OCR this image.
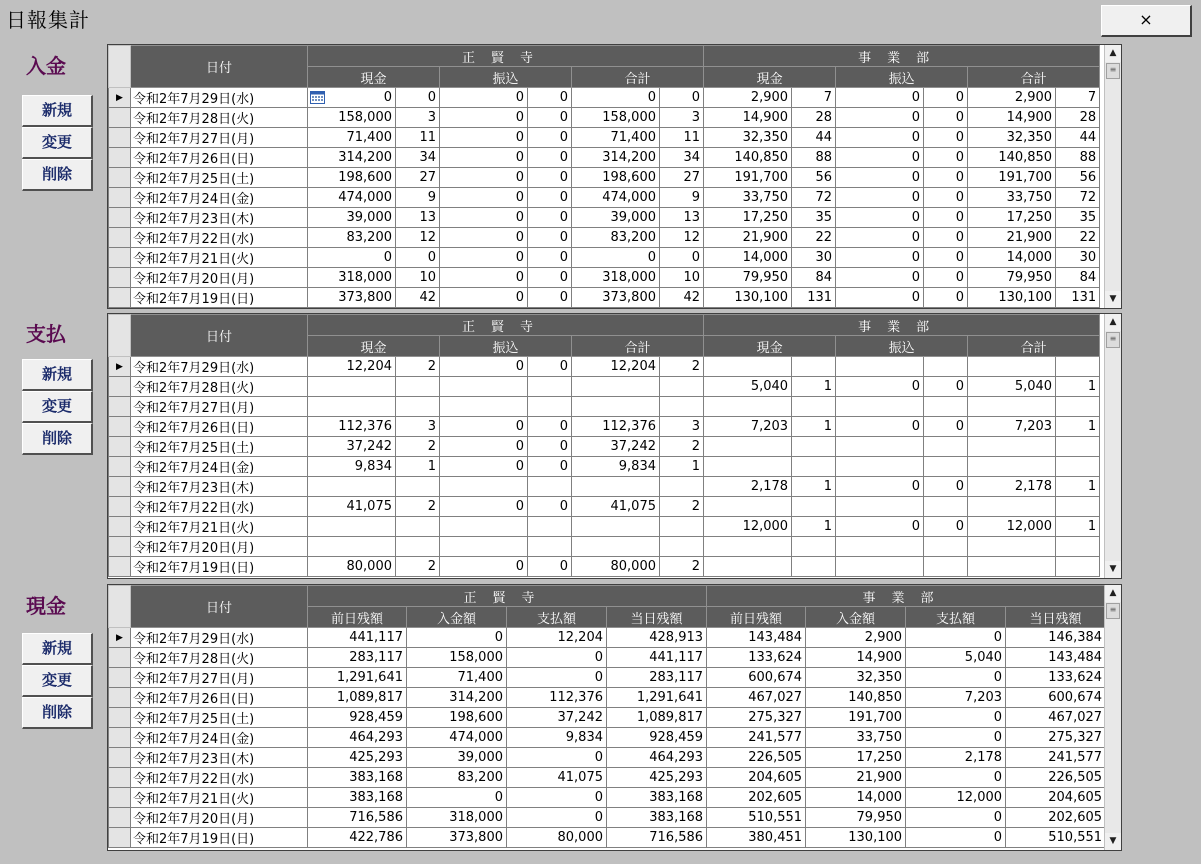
日報集計	×
入金
新規
変更
削除
	日付	正賢寺						事業部					
		現金		振込		合計		現金		振込		合計	
▶	令和2年7月29日(水)	0	0	0	0	0	0	2,900	7	0	0	2,900	7
	令和2年7月28日(火)	158,000	3	0	0	158,000	3	14,900	28	0	0	14,900	28
	令和2年7月27日(月)	71,400	11	0	0	71,400	11	32,350	44	0	0	32,350	44
	令和2年7月26日(日)	314,200	34	0	0	314,200	34	140,850	88	0	0	140,850	88
	令和2年7月25日(土)	198,600	27	0	0	198,600	27	191,700	56	0	0	191,700	56
	令和2年7月24日(金)	474,000	9	0	0	474,000	9	33,750	72	0	0	33,750	72
	令和2年7月23日(木)	39,000	13	0	0	39,000	13	17,250	35	0	0	17,250	35
	令和2年7月22日(水)	83,200	12	0	0	83,200	12	21,900	22	0	0	21,900	22
	令和2年7月21日(火)	0	0	0	0	0	0	14,000	30	0	0	14,000	30
	令和2年7月20日(月)	318,000	10	0	0	318,000	10	79,950	84	0	0	79,950	84
	令和2年7月19日(日)	373,800	42	0	0	373,800	42	130,100	131	0	0	130,100	131
▲
≡
▼
支払
新規
変更
削除
	日付	正賢寺						事業部					
		現金		振込		合計		現金		振込		合計	
▶	令和2年7月29日(水)	12,204	2	0	0	12,204	2						
	令和2年7月28日(火)							5,040	1	0	0	5,040	1
	令和2年7月27日(月)												
	令和2年7月26日(日)	112,376	3	0	0	112,376	3	7,203	1	0	0	7,203	1
	令和2年7月25日(土)	37,242	2	0	0	37,242	2						
	令和2年7月24日(金)	9,834	1	0	0	9,834	1						
	令和2年7月23日(木)							2,178	1	0	0	2,178	1
	令和2年7月22日(水)	41,075	2	0	0	41,075	2						
	令和2年7月21日(火)							12,000	1	0	0	12,000	1
	令和2年7月20日(月)												
	令和2年7月19日(日)	80,000	2	0	0	80,000	2						
▲
≡
▼
現金
新規
変更
削除
	日付	正賢寺				事業部			
		前日残額	入金額	支払額	当日残額	前日残額	入金額	支払額	当日残額
▶	令和2年7月29日(水)	441,117	0	12,204	428,913	143,484	2,900	0	146,384
	令和2年7月28日(火)	283,117	158,000	0	441,117	133,624	14,900	5,040	143,484
	令和2年7月27日(月)	1,291,641	71,400	0	283,117	600,674	32,350	0	133,624
	令和2年7月26日(日)	1,089,817	314,200	112,376	1,291,641	467,027	140,850	7,203	600,674
	令和2年7月25日(土)	928,459	198,600	37,242	1,089,817	275,327	191,700	0	467,027
	令和2年7月24日(金)	464,293	474,000	9,834	928,459	241,577	33,750	0	275,327
	令和2年7月23日(木)	425,293	39,000	0	464,293	226,505	17,250	2,178	241,577
	令和2年7月22日(水)	383,168	83,200	41,075	425,293	204,605	21,900	0	226,505
	令和2年7月21日(火)	383,168	0	0	383,168	202,605	14,000	12,000	204,605
	令和2年7月20日(月)	716,586	318,000	0	383,168	510,551	79,950	0	202,605
	令和2年7月19日(日)	422,786	373,800	80,000	716,586	380,451	130,100	0	510,551
▲
≡
▼
